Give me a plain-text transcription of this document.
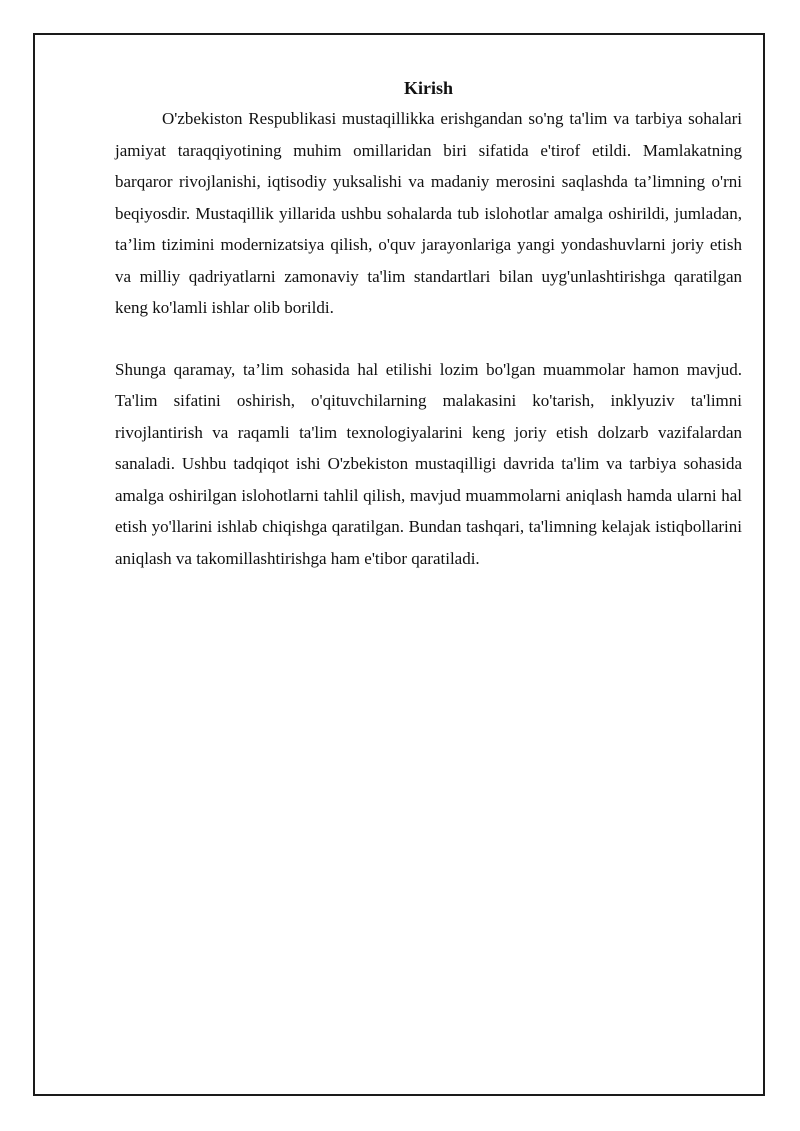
Kirish

O'zbekiston Respublikasi mustaqillikka erishgandan so'ng ta'lim va tarbiya sohalari jamiyat taraqqiyotining muhim omillaridan biri sifatida e'tirof etildi. Mamlakatning barqaror rivojlanishi, iqtisodiy yuksalishi va madaniy merosini saqlashda ta’limning o'rni beqiyosdir. Mustaqillik yillarida ushbu sohalarda tub islohotlar amalga oshirildi, jumladan, ta’lim tizimini modernizatsiya qilish, o'quv jarayonlariga yangi yondashuvlarni joriy etish va milliy qadriyatlarni zamonaviy ta'lim standartlari bilan uyg'unlashtirishga qaratilgan keng ko'lamli ishlar olib borildi.

Shunga qaramay, ta’lim sohasida hal etilishi lozim bo'lgan muammolar hamon mavjud. Ta'lim sifatini oshirish, o'qituvchilarning malakasini ko'tarish, inklyuziv ta'limni rivojlantirish va raqamli ta'lim texnologiyalarini keng joriy etish dolzarb vazifalardan sanaladi. Ushbu tadqiqot ishi O'zbekiston mustaqilligi davrida ta'lim va tarbiya sohasida amalga oshirilgan islohotlarni tahlil qilish, mavjud muammolarni aniqlash hamda ularni hal etish yo'llarini ishlab chiqishga qaratilgan. Bundan tashqari, ta'limning kelajak istiqbollarini aniqlash va takomillashtirishga ham e'tibor qaratiladi.
